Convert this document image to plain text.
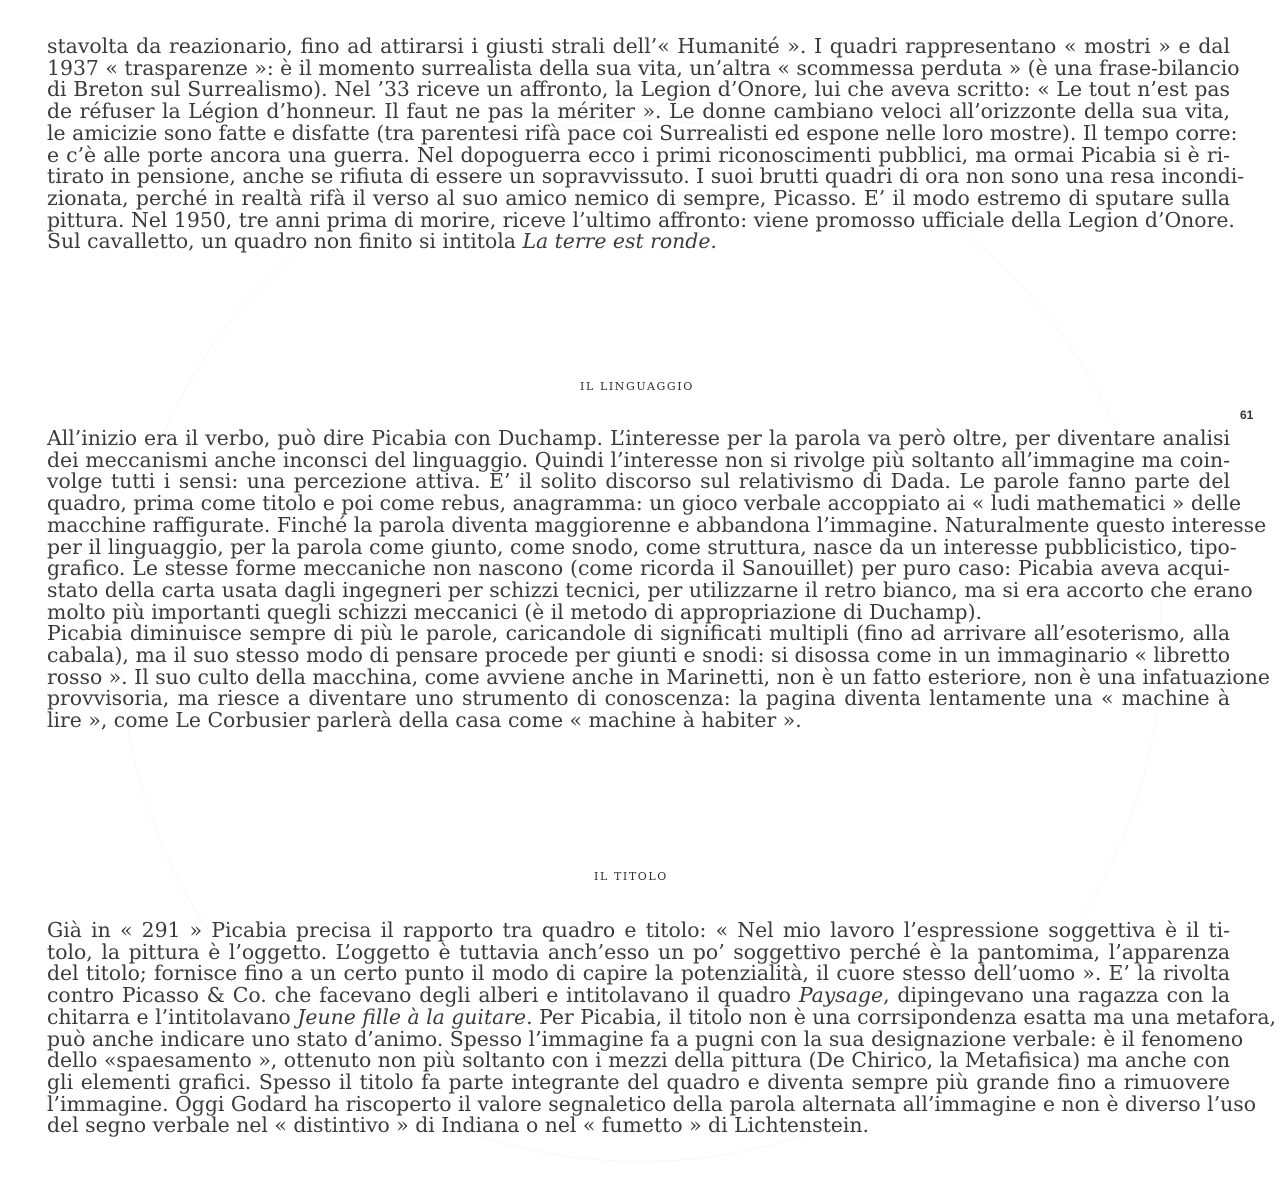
stavolta da reazionario, fino ad attirarsi i giusti strali dell’« Humanité ». I quadri rappresentano « mostri » e dal
1937 « trasparenze »: è il momento surrealista della sua vita, un’altra « scommessa perduta » (è una frase-bilancio
di Breton sul Surrealismo). Nel ’33 riceve un affronto, la Legion d’Onore, lui che aveva scritto: « Le tout n’est pas
de réfuser la Légion d’honneur. Il faut ne pas la mériter ». Le donne cambiano veloci all’orizzonte della sua vita,
le amicizie sono fatte e disfatte (tra parentesi rifà pace coi Surrealisti ed espone nelle loro mostre). Il tempo corre:
e c’è alle porte ancora una guerra. Nel dopoguerra ecco i primi riconoscimenti pubblici, ma ormai Picabia si è ri-
tirato in pensione, anche se rifiuta di essere un sopravvissuto. I suoi brutti quadri di ora non sono una resa incondi-
zionata, perché in realtà rifà il verso al suo amico nemico di sempre, Picasso. E’ il modo estremo di sputare sulla
pittura. Nel 1950, tre anni prima di morire, riceve l’ultimo affronto: viene promosso ufficiale della Legion d’Onore.
Sul cavalletto, un quadro non finito si intitola La terre est ronde.
IL LINGUAGGIO
61
All’inizio era il verbo, può dire Picabia con Duchamp. L’interesse per la parola va però oltre, per diventare analisi
dei meccanismi anche inconsci del linguaggio. Quindi l’interesse non si rivolge più soltanto all’immagine ma coin-
volge tutti i sensi: una percezione attiva. E’ il solito discorso sul relativismo di Dada. Le parole fanno parte del
quadro, prima come titolo e poi come rebus, anagramma: un gioco verbale accoppiato ai « ludi mathematici » delle
macchine raffigurate. Finché la parola diventa maggiorenne e abbandona l’immagine. Naturalmente questo interesse
per il linguaggio, per la parola come giunto, come snodo, come struttura, nasce da un interesse pubblicistico, tipo-
grafico. Le stesse forme meccaniche non nascono (come ricorda il Sanouillet) per puro caso: Picabia aveva acqui-
stato della carta usata dagli ingegneri per schizzi tecnici, per utilizzarne il retro bianco, ma si era accorto che erano
molto più importanti quegli schizzi meccanici (è il metodo di appropriazione di Duchamp).
Picabia diminuisce sempre di più le parole, caricandole di significati multipli (fino ad arrivare all’esoterismo, alla
cabala), ma il suo stesso modo di pensare procede per giunti e snodi: si disossa come in un immaginario « libretto
rosso ». Il suo culto della macchina, come avviene anche in Marinetti, non è un fatto esteriore, non è una infatuazione
provvisoria, ma riesce a diventare uno strumento di conoscenza: la pagina diventa lentamente una « machine à
lire », come Le Corbusier parlerà della casa come « machine à habiter ».
IL TITOLO
Già in « 291 » Picabia precisa il rapporto tra quadro e titolo: « Nel mio lavoro l’espressione soggettiva è il ti-
tolo, la pittura è l’oggetto. L’oggetto è tuttavia anch’esso un po’ soggettivo perché è la pantomima, l’apparenza
del titolo; fornisce fino a un certo punto il modo di capire la potenzialità, il cuore stesso dell’uomo ». E’ la rivolta
contro Picasso & Co. che facevano degli alberi e intitolavano il quadro Paysage, dipingevano una ragazza con la
chitarra e l’intitolavano Jeune fille à la guitare. Per Picabia, il titolo non è una corrsipondenza esatta ma una metafora,
può anche indicare uno stato d’animo. Spesso l’immagine fa a pugni con la sua designazione verbale: è il fenomeno
dello «spaesamento », ottenuto non più soltanto con i mezzi della pittura (De Chirico, la Metafisica) ma anche con
gli elementi grafici. Spesso il titolo fa parte integrante del quadro e diventa sempre più grande fino a rimuovere
l’immagine. Oggi Godard ha riscoperto il valore segnaletico della parola alternata all’immagine e non è diverso l’uso
del segno verbale nel « distintivo » di Indiana o nel « fumetto » di Lichtenstein.
